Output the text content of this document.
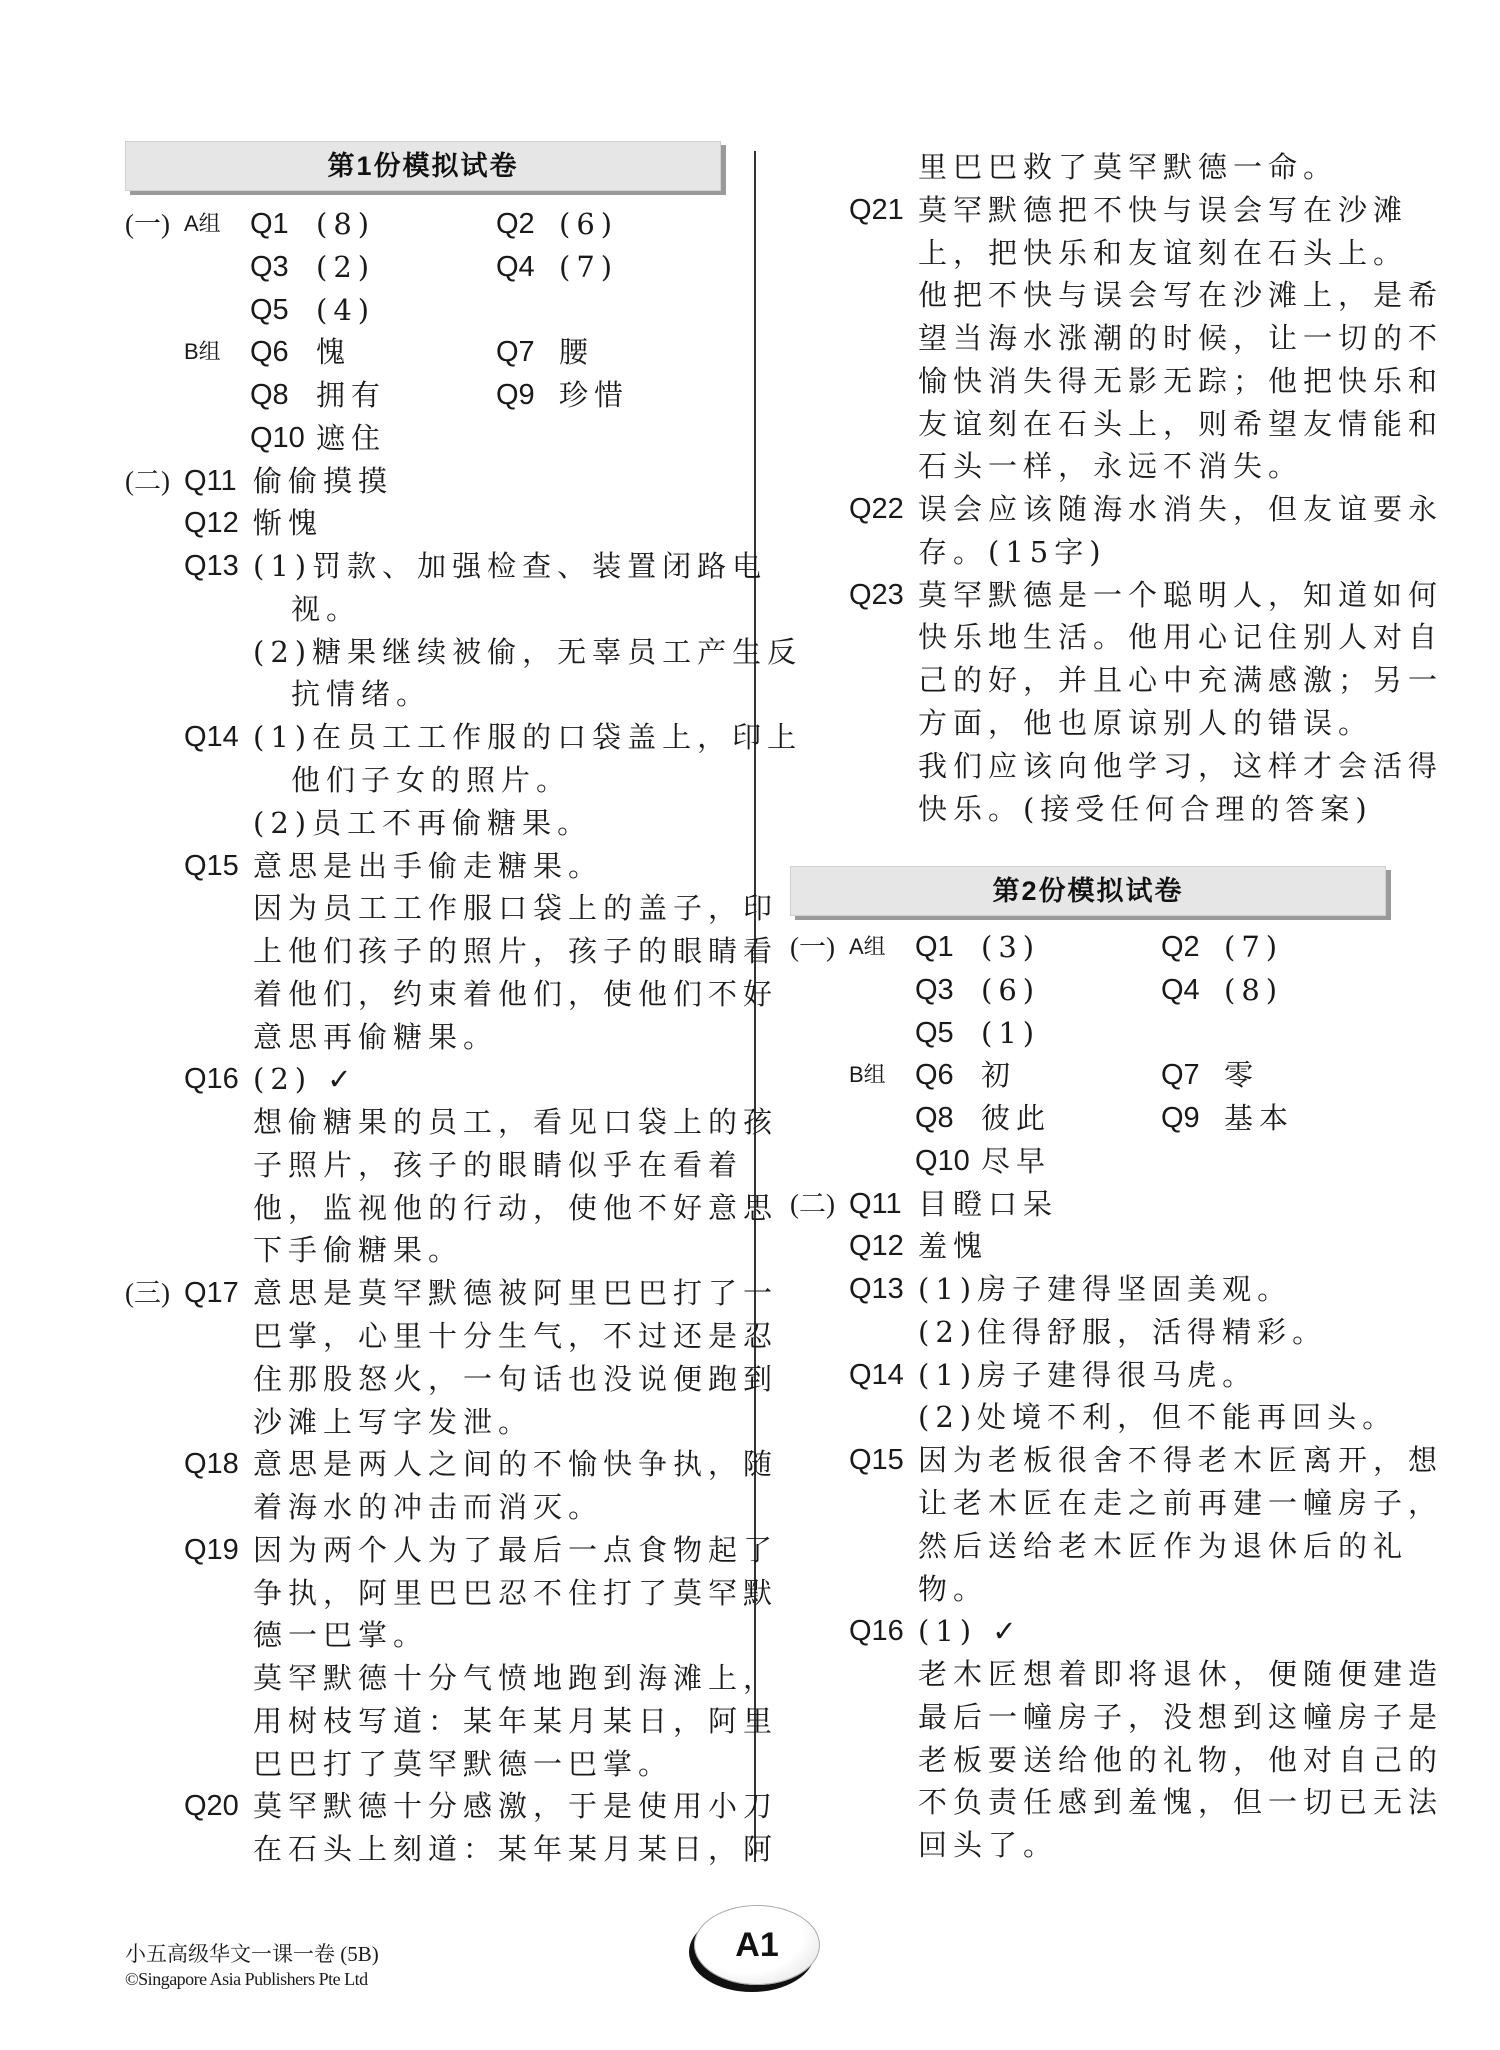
第1份模拟试卷
(一) A组 Q1 (8)	Q2 (6)
Q3 (2)	Q4 (7)
Q5 (4)
B组 Q6 愧	Q7 腰
Q8 拥有	Q9 珍惜
Q10 遮住
(二) Q11 偷偷摸摸
Q12 惭愧
Q13 (1)罚款、加强检查、装置闭路电
视。
(2)糖果继续被偷，无辜员工产生反
抗情绪。
Q14 (1)在员工工作服的口袋盖上，印上
他们子女的照片。
(2)员工不再偷糖果。
Q15 意思是出手偷走糖果。
因为员工工作服口袋上的盖子，印
上他们孩子的照片，孩子的眼睛看
着他们，约束着他们，使他们不好
意思再偷糖果。
Q16 (2) ✓
想偷糖果的员工，看见口袋上的孩
子照片，孩子的眼睛似乎在看着
他，监视他的行动，使他不好意思
下手偷糖果。
(三) Q17 意思是莫罕默德被阿里巴巴打了一
巴掌，心里十分生气，不过还是忍
住那股怒火，一句话也没说便跑到
沙滩上写字发泄。
Q18 意思是两人之间的不愉快争执，随
着海水的冲击而消灭。
Q19 因为两个人为了最后一点食物起了
争执，阿里巴巴忍不住打了莫罕默
德一巴掌。
莫罕默德十分气愤地跑到海滩上，
用树枝写道：某年某月某日，阿里
巴巴打了莫罕默德一巴掌。
Q20 莫罕默德十分感激，于是使用小刀
在石头上刻道：某年某月某日，阿
里巴巴救了莫罕默德一命。
Q21 莫罕默德把不快与误会写在沙滩
上，把快乐和友谊刻在石头上。
他把不快与误会写在沙滩上，是希
望当海水涨潮的时候，让一切的不
愉快消失得无影无踪；他把快乐和
友谊刻在石头上，则希望友情能和
石头一样，永远不消失。
Q22 误会应该随海水消失，但友谊要永
存。(15字)
Q23 莫罕默德是一个聪明人，知道如何
快乐地生活。他用心记住别人对自
己的好，并且心中充满感激；另一
方面，他也原谅别人的错误。
我们应该向他学习，这样才会活得
快乐。(接受任何合理的答案)
第2份模拟试卷
(一) A组 Q1 (3)	Q2 (7)
Q3 (6)	Q4 (8)
Q5 (1)
B组 Q6 初	Q7 零
Q8 彼此	Q9 基本
Q10 尽早
(二) Q11 目瞪口呆
Q12 羞愧
Q13 (1)房子建得坚固美观。
(2)住得舒服，活得精彩。
Q14 (1)房子建得很马虎。
(2)处境不利，但不能再回头。
Q15 因为老板很舍不得老木匠离开，想
让老木匠在走之前再建一幢房子，
然后送给老木匠作为退休后的礼
物。
Q16 (1) ✓
老木匠想着即将退休，便随便建造
最后一幢房子，没想到这幢房子是
老板要送给他的礼物，他对自己的
不负责任感到羞愧，但一切已无法
回头了。
小五高级华文一课一卷 (5B)
©Singapore Asia Publishers Pte Ltd
A1
